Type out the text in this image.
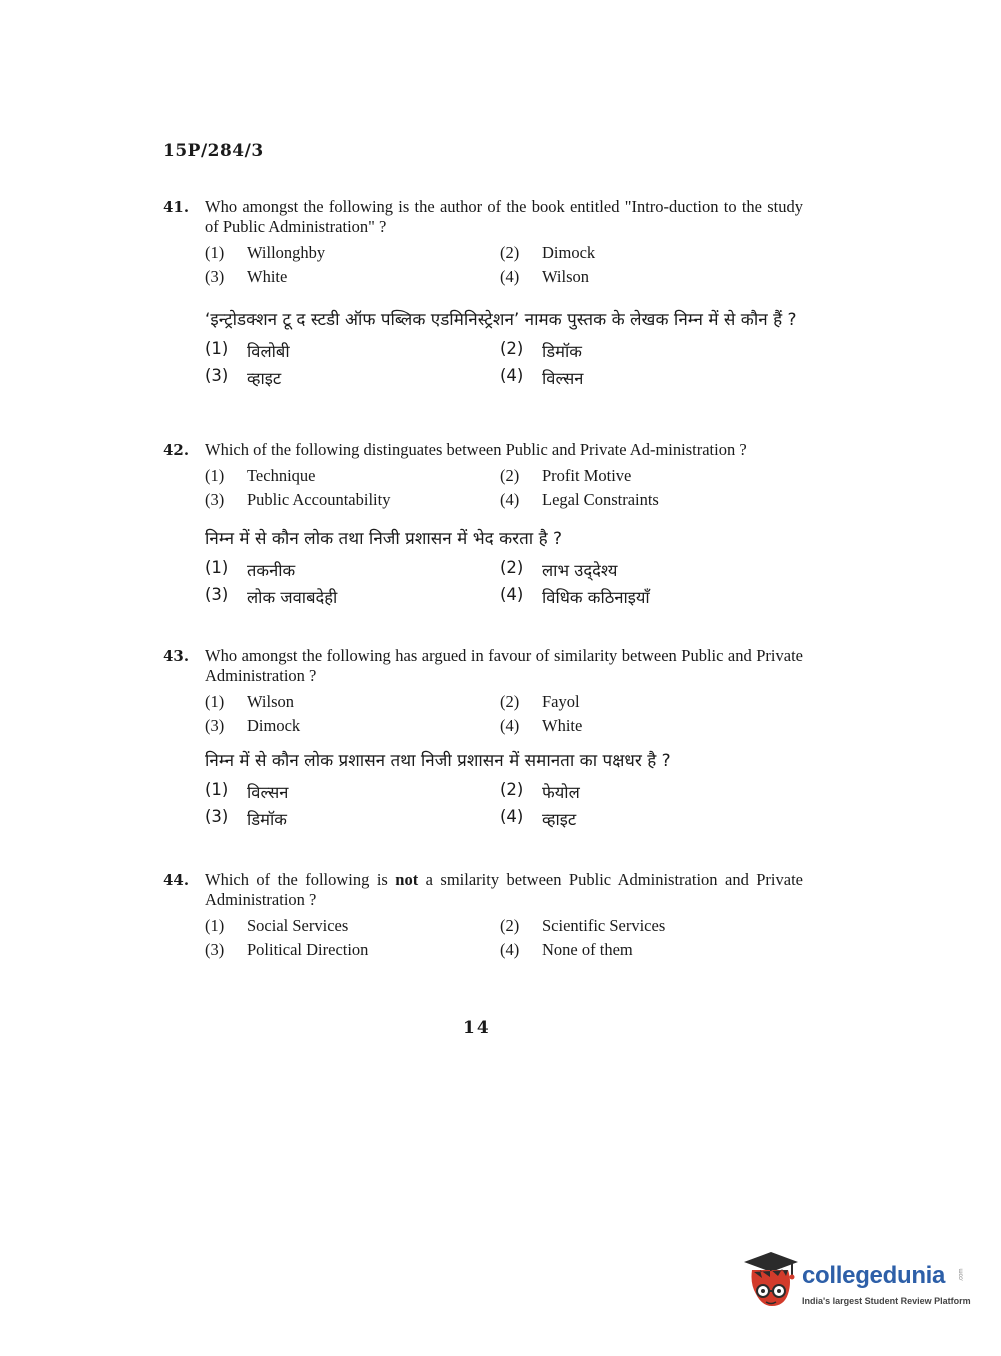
15P/284/3
41. Who amongst the following is the author of the book entitled "Intro-duction to the study of Public Administration" ?
(1)	Willonghby	(2)	Dimock
(3)	White	(4)	Wilson
‘इन्ट्रोडक्शन टू द स्टडी ऑफ पब्लिक एडमिनिस्ट्रेशन’ नामक पुस्तक के लेखक निम्न में से कौन हैं ?
(1)	विलोबी	(2)	डिमॉक
(3)	व्हाइट	(4)	विल्सन
42. Which of the following distinguates between Public and Private Ad-ministration ?
(1)	Technique	(2)	Profit Motive
(3)	Public Accountability	(4)	Legal Constraints
निम्न में से कौन लोक तथा निजी प्रशासन में भेद करता है ?
(1)	तकनीक	(2)	लाभ उद्‌देश्य
(3)	लोक जवाबदेही	(4)	विधिक कठिनाइयाँ
43. Who amongst the following has argued in favour of similarity between Public and Private Administration ?
(1)	Wilson	(2)	Fayol
(3)	Dimock	(4)	White
निम्न में से कौन लोक प्रशासन तथा निजी प्रशासन में समानता का पक्षधर है ?
(1)	विल्सन	(2)	फेयोल
(3)	डिमॉक	(4)	व्हाइट
44. Which of the following is not a smilarity between Public Administration and Private Administration ?
(1)	Social Services	(2)	Scientific Services
(3)	Political Direction	(4)	None of them
14
collegedunia .com
India's largest Student Review Platform
